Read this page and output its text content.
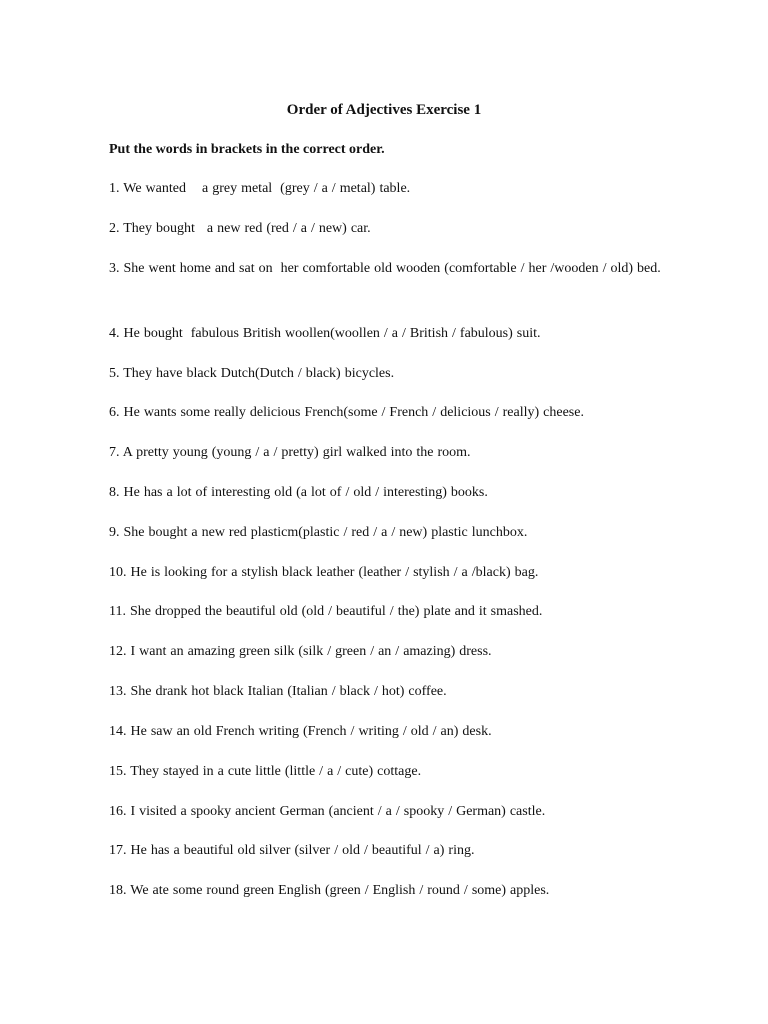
Order of Adjectives Exercise 1
Put the words in brackets in the correct order.
1. We wanted    a grey metal  (grey / a / metal) table.
2. They bought   a new red (red / a / new) car.
3. She went home and sat on  her comfortable old wooden (comfortable / her /wooden / old) bed.
4. He bought  fabulous British woollen(woollen / a / British / fabulous) suit.
5. They have black Dutch(Dutch / black) bicycles.
6. He wants some really delicious French(some / French / delicious / really) cheese.
7. A pretty young (young / a / pretty) girl walked into the room.
8. He has a lot of interesting old (a lot of / old / interesting) books.
9. She bought a new red plasticm(plastic / red / a / new) plastic lunchbox.
10. He is looking for a stylish black leather (leather / stylish / a /black) bag.
11. She dropped the beautiful old (old / beautiful / the) plate and it smashed.
12. I want an amazing green silk (silk / green / an / amazing) dress.
13. She drank hot black Italian (Italian / black / hot) coffee.
14. He saw an old French writing (French / writing / old / an) desk.
15. They stayed in a cute little (little / a / cute) cottage.
16. I visited a spooky ancient German (ancient / a / spooky / German) castle.
17. He has a beautiful old silver (silver / old / beautiful / a) ring.
18. We ate some round green English (green / English / round / some) apples.
